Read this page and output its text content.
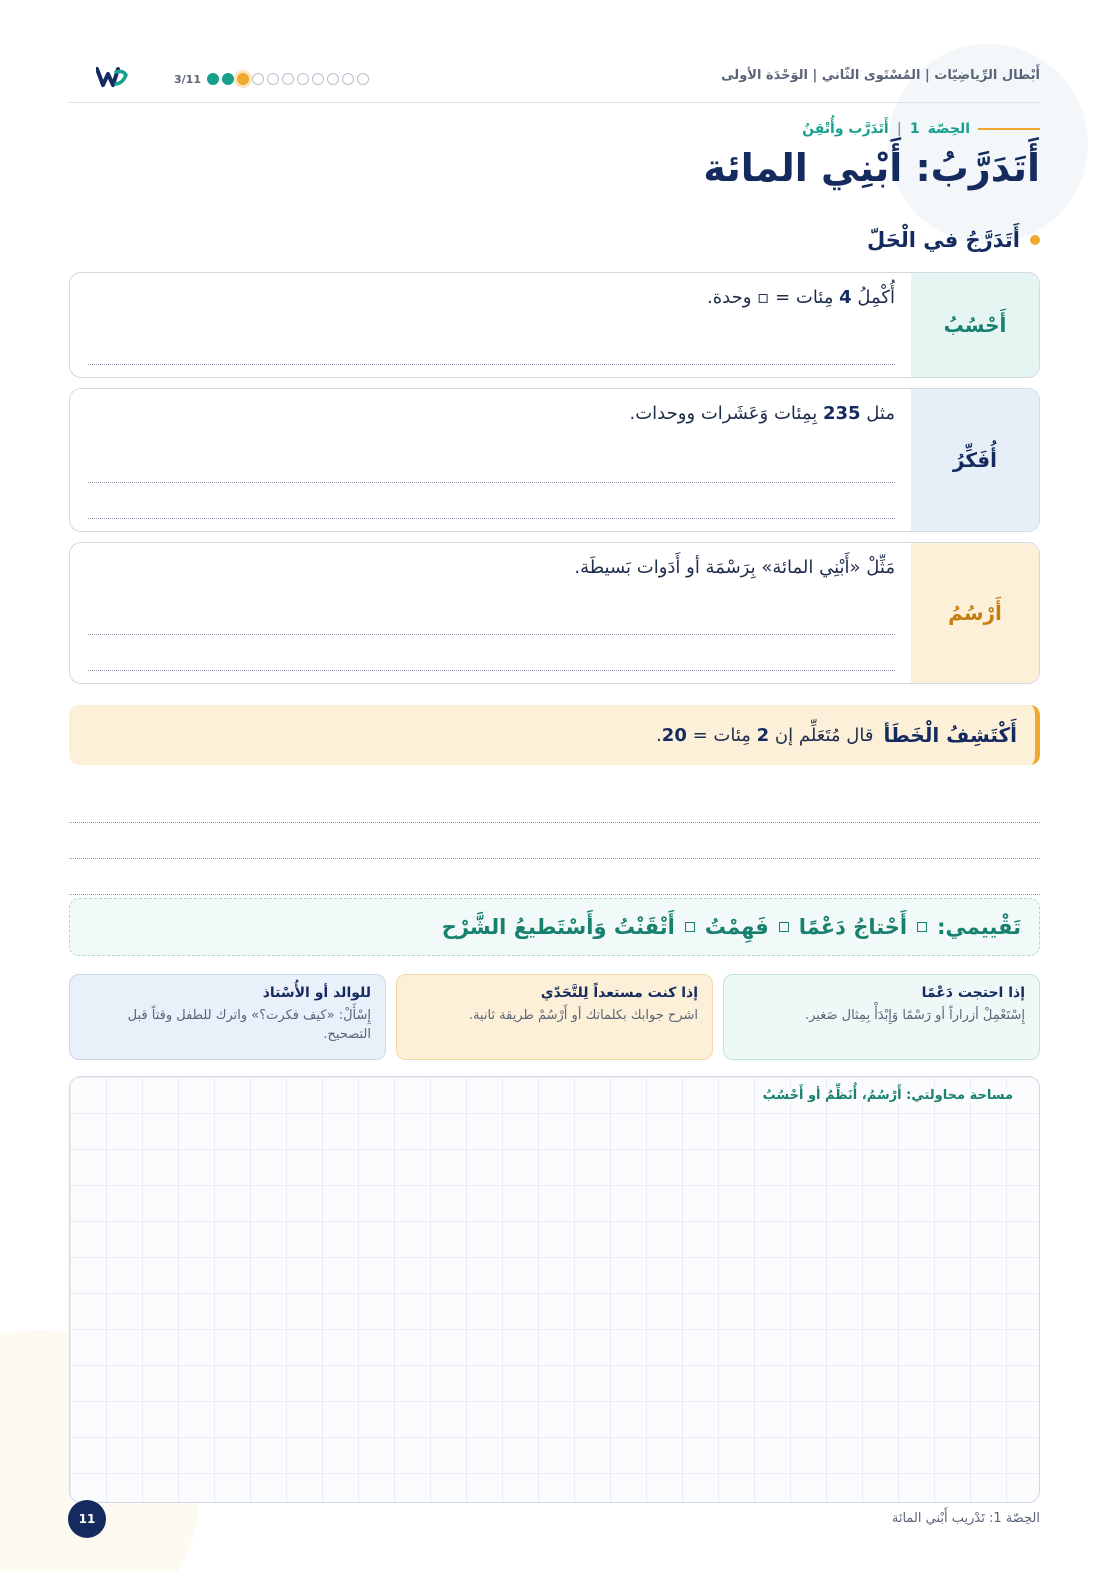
3/11	أَبْطال الرِّياضِيّات | المُسْتَوى الثّاني | الوَحْدَة الأولى
الحِصّة
1
|
أَتَدَرَّب وأُتْقِنُ
أَتَدَرَّبُ: أَبْنِي المائة
أَتَدَرَّجُ في الْحَلّ
أَحْسُبُ
أُكْمِلُ 4 مِئات = ▫ وحدة.
أُفَكِّرُ
مثل 235 بِمِئات وَعَشَرات ووحدات.
أَرْسُمُ
مَثِّلْ «أَبْنِي المائة» بِرَسْمَة أو أَدَوات بَسيطَة.
أَكْتَشِفُ الْخَطَأ
قال مُتَعَلِّم إن

2

مِئات =

20
.
تَقْييمي:
أَحْتاجُ دَعْمًا
فَهِمْتُ
أَتْقَنْتُ وَأَسْتَطيعُ الشَّرْح
إذا احتجت دَعْمًا
إِسْتَعْمِلْ أزراراً أو رَسْمًا وَإِبْدَأْ بِمِثال صَغير.
إذا كنت مستعداً لِلتَّحَدّي
اشرح جوابك بكلماتك أو أَرْسُمْ طريقة ثانية.
للوالد أو الأُسْتاذ
إِسْأَلْ: «كيف فكرت؟» واترك للطفل وقتاً قبل التصحيح.
مساحة محاولتي: أَرْسُمُ، أُنَظِّمُ أو أَحْسُبُ
11	الحِصّة 1: تَدْريب أَبْني المائة
